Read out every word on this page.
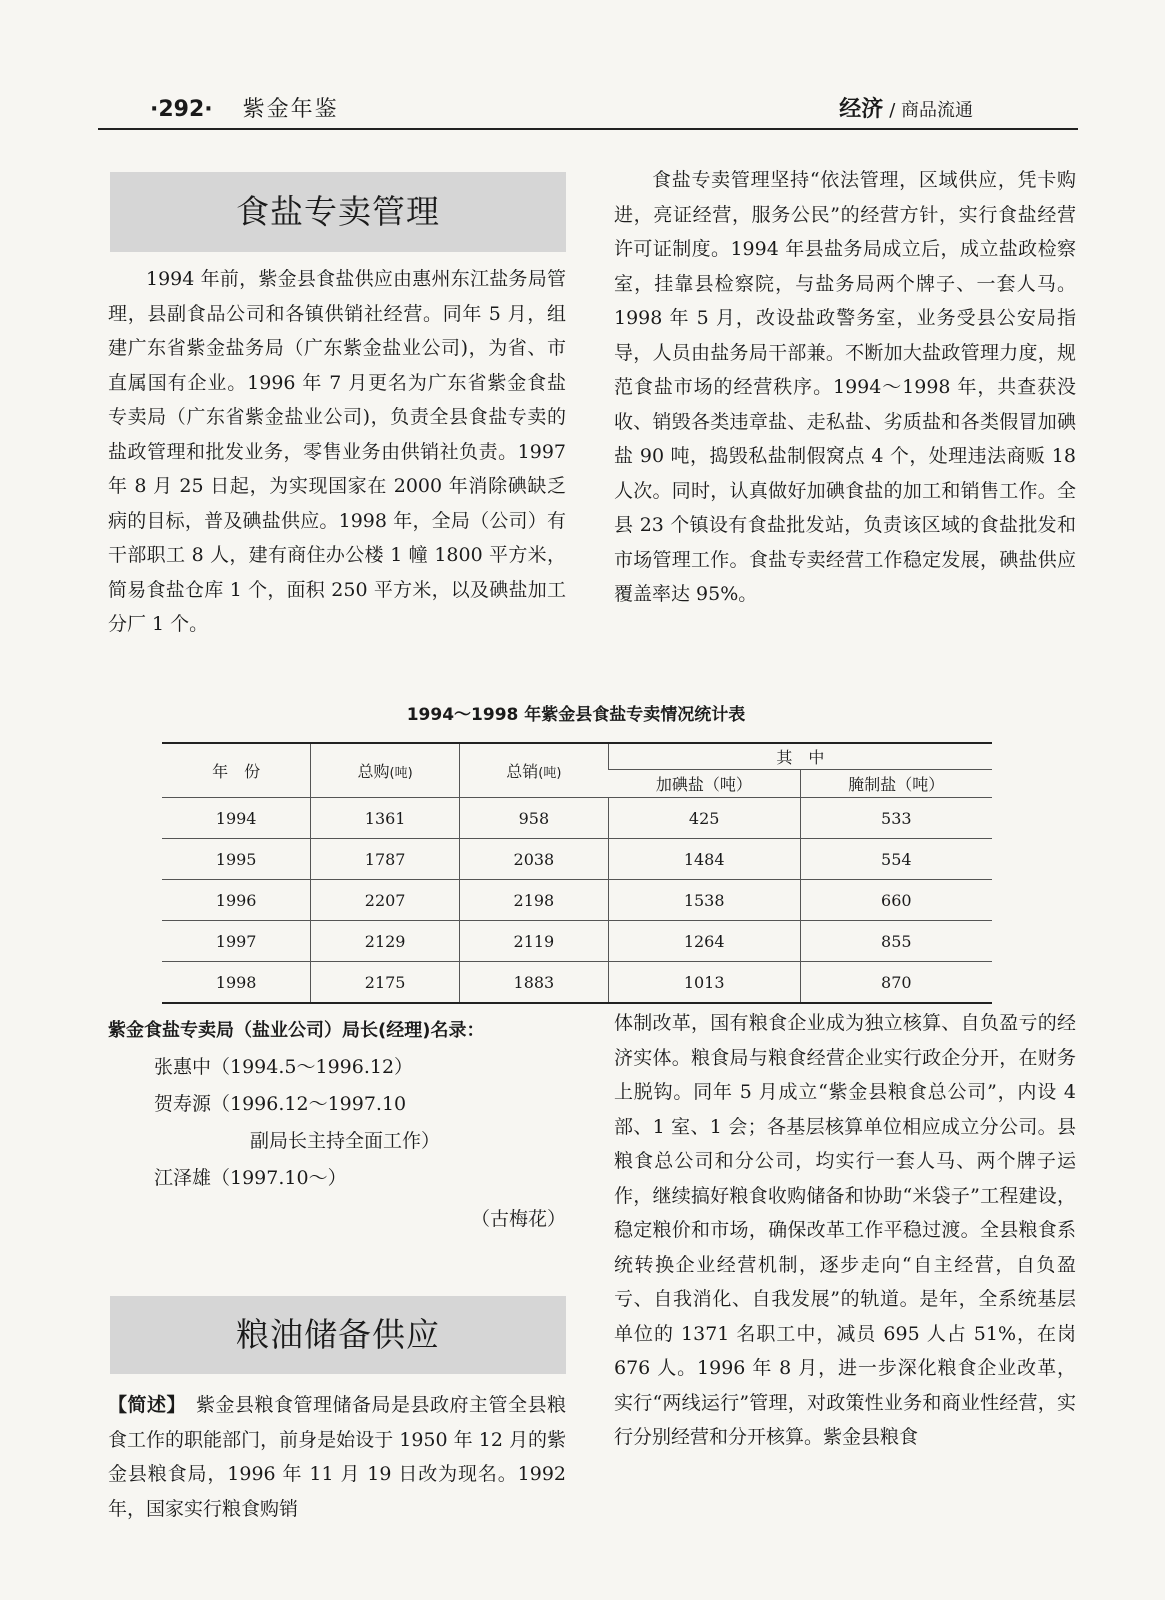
·292· 紫金年鉴	经济 / 商品流通
食盐专卖管理

1994 年前，紫金县食盐供应由惠州东江盐务局管理，县副食品公司和各镇供销社经营。同年 5 月，组建广东省紫金盐务局（广东紫金盐业公司)，为省、市直属国有企业。1996 年 7 月更名为广东省紫金食盐专卖局（广东省紫金盐业公司)，负责全县食盐专卖的盐政管理和批发业务，零售业务由供销社负责。1997 年 8 月 25 日起，为实现国家在 2000 年消除碘缺乏病的目标，普及碘盐供应。1998 年，全局（公司）有干部职工 8 人，建有商住办公楼 1 幢 1800 平方米，简易食盐仓库 1 个，面积 250 平方米，以及碘盐加工分厂 1 个。

食盐专卖管理坚持“依法管理，区域供应，凭卡购进，亮证经营，服务公民”的经营方针，实行食盐经营许可证制度。1994 年县盐务局成立后，成立盐政检察室，挂靠县检察院，与盐务局两个牌子、一套人马。1998 年 5 月，改设盐政警务室，业务受县公安局指导，人员由盐务局干部兼。不断加大盐政管理力度，规范食盐市场的经营秩序。1994～1998 年，共查获没收、销毁各类违章盐、走私盐、劣质盐和各类假冒加碘盐 90 吨，捣毁私盐制假窝点 4 个，处理违法商贩 18 人次。同时，认真做好加碘食盐的加工和销售工作。全县 23 个镇设有食盐批发站，负责该区域的食盐批发和市场管理工作。食盐专卖经营工作稳定发展，碘盐供应覆盖率达 95%。

1994～1998 年紫金县食盐专卖情况统计表
年　份	总购(吨)	总销(吨)	其　中	
			加碘盐（吨）	腌制盐（吨）
1994	1361	958	425	533
1995	1787	2038	1484	554
1996	2207	2198	1538	660
1997	2129	2119	1264	855
1998	2175	1883	1013	870
紫金食盐专卖局（盐业公司）局长(经理)名录：
张惠中（1994.5～1996.12）
贺寿源（1996.12～1997.10
副局长主持全面工作）
江泽雄（1997.10～）
（古梅花）
粮油储备供应

【简述】　紫金县粮食管理储备局是县政府主管全县粮食工作的职能部门，前身是始设于 1950 年 12 月的紫金县粮食局，1996 年 11 月 19 日改为现名。1992 年，国家实行粮食购销

体制改革，国有粮食企业成为独立核算、自负盈亏的经济实体。粮食局与粮食经营企业实行政企分开，在财务上脱钩。同年 5 月成立“紫金县粮食总公司”，内设 4 部、1 室、1 会；各基层核算单位相应成立分公司。县粮食总公司和分公司，均实行一套人马、两个牌子运作，继续搞好粮食收购储备和协助“米袋子”工程建设，稳定粮价和市场，确保改革工作平稳过渡。全县粮食系统转换企业经营机制，逐步走向“自主经营，自负盈亏、自我消化、自我发展”的轨道。是年，全系统基层单位的 1371 名职工中，减员 695 人占 51%，在岗 676 人。1996 年 8 月，进一步深化粮食企业改革，实行“两线运行”管理，对政策性业务和商业性经营，实行分别经营和分开核算。紫金县粮食
